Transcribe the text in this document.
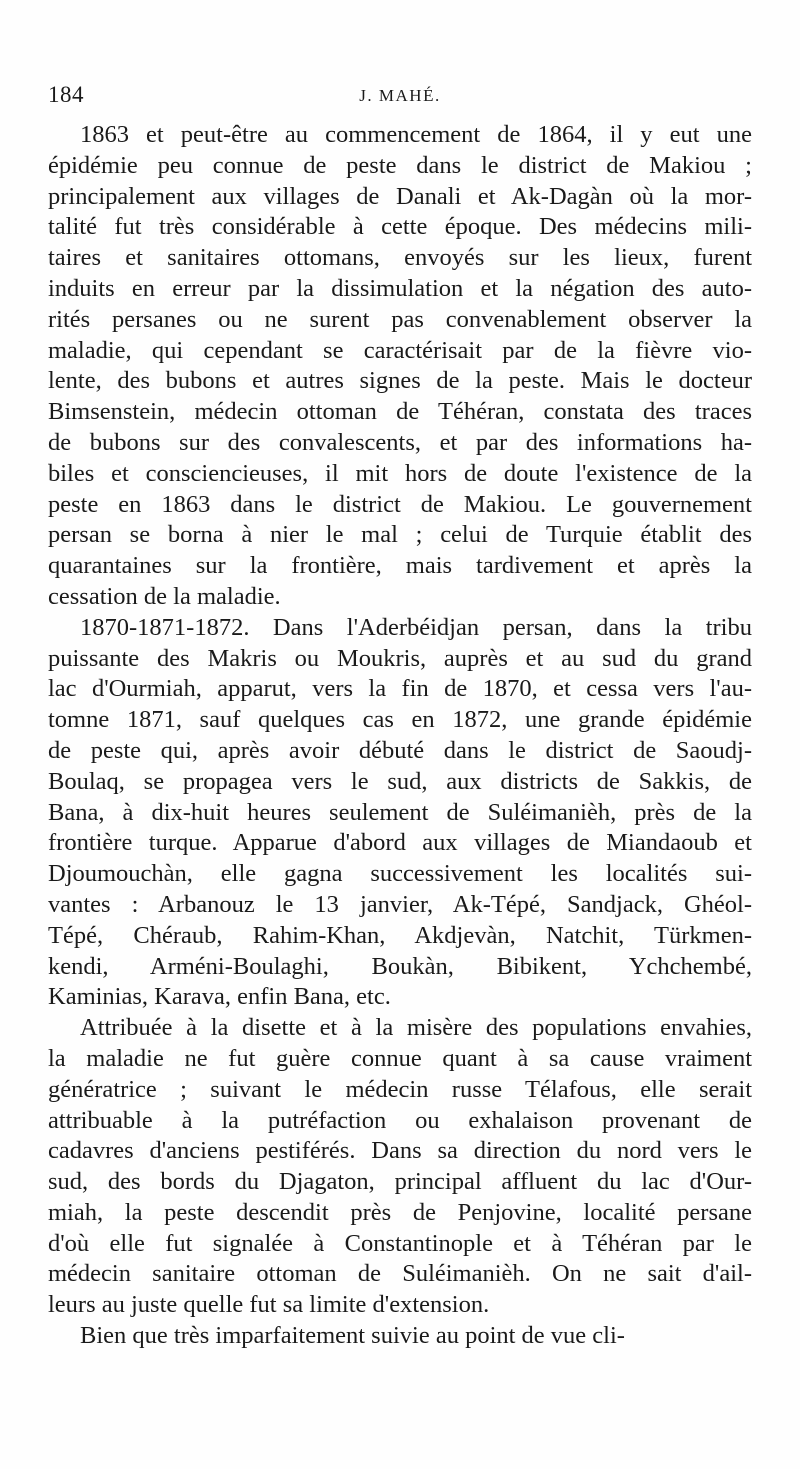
184	J. MAHÉ.
1863 et peut-être au commencement de 1864, il y eut une
épidémie peu connue de peste dans le district de Makiou ;
principalement aux villages de Danali et Ak-Dagàn où la mor-
talité fut très considérable à cette époque. Des médecins mili-
taires et sanitaires ottomans, envoyés sur les lieux, furent
induits en erreur par la dissimulation et la négation des auto-
rités persanes ou ne surent pas convenablement observer la
maladie, qui cependant se caractérisait par de la fièvre vio-
lente, des bubons et autres signes de la peste. Mais le docteur
Bimsenstein, médecin ottoman de Téhéran, constata des traces
de bubons sur des convalescents, et par des informations ha-
biles et consciencieuses, il mit hors de doute l'existence de la
peste en 1863 dans le district de Makiou. Le gouvernement
persan se borna à nier le mal ; celui de Turquie établit des
quarantaines sur la frontière, mais tardivement et après la
cessation de la maladie.
1870-1871-1872. Dans l'Aderbéidjan persan, dans la tribu
puissante des Makris ou Moukris, auprès et au sud du grand
lac d'Ourmiah, apparut, vers la fin de 1870, et cessa vers l'au-
tomne 1871, sauf quelques cas en 1872, une grande épidémie
de peste qui, après avoir débuté dans le district de Saoudj-
Boulaq, se propagea vers le sud, aux districts de Sakkis, de
Bana, à dix-huit heures seulement de Suléimanièh, près de la
frontière turque. Apparue d'abord aux villages de Miandaoub et
Djoumouchàn, elle gagna successivement les localités sui-
vantes : Arbanouz le 13 janvier, Ak-Tépé, Sandjack, Ghéol-
Tépé, Chéraub, Rahim-Khan, Akdjevàn, Natchit, Türkmen-
kendi, Arméni-Boulaghi, Boukàn, Bibikent, Ychchembé,
Kaminias, Karava, enfin Bana, etc.
Attribuée à la disette et à la misère des populations envahies,
la maladie ne fut guère connue quant à sa cause vraiment
génératrice ; suivant le médecin russe Télafous, elle serait
attribuable à la putréfaction ou exhalaison provenant de
cadavres d'anciens pestiférés. Dans sa direction du nord vers le
sud, des bords du Djagaton, principal affluent du lac d'Our-
miah, la peste descendit près de Penjovine, localité persane
d'où elle fut signalée à Constantinople et à Téhéran par le
médecin sanitaire ottoman de Suléimanièh. On ne sait d'ail-
leurs au juste quelle fut sa limite d'extension.
Bien que très imparfaitement suivie au point de vue cli-
